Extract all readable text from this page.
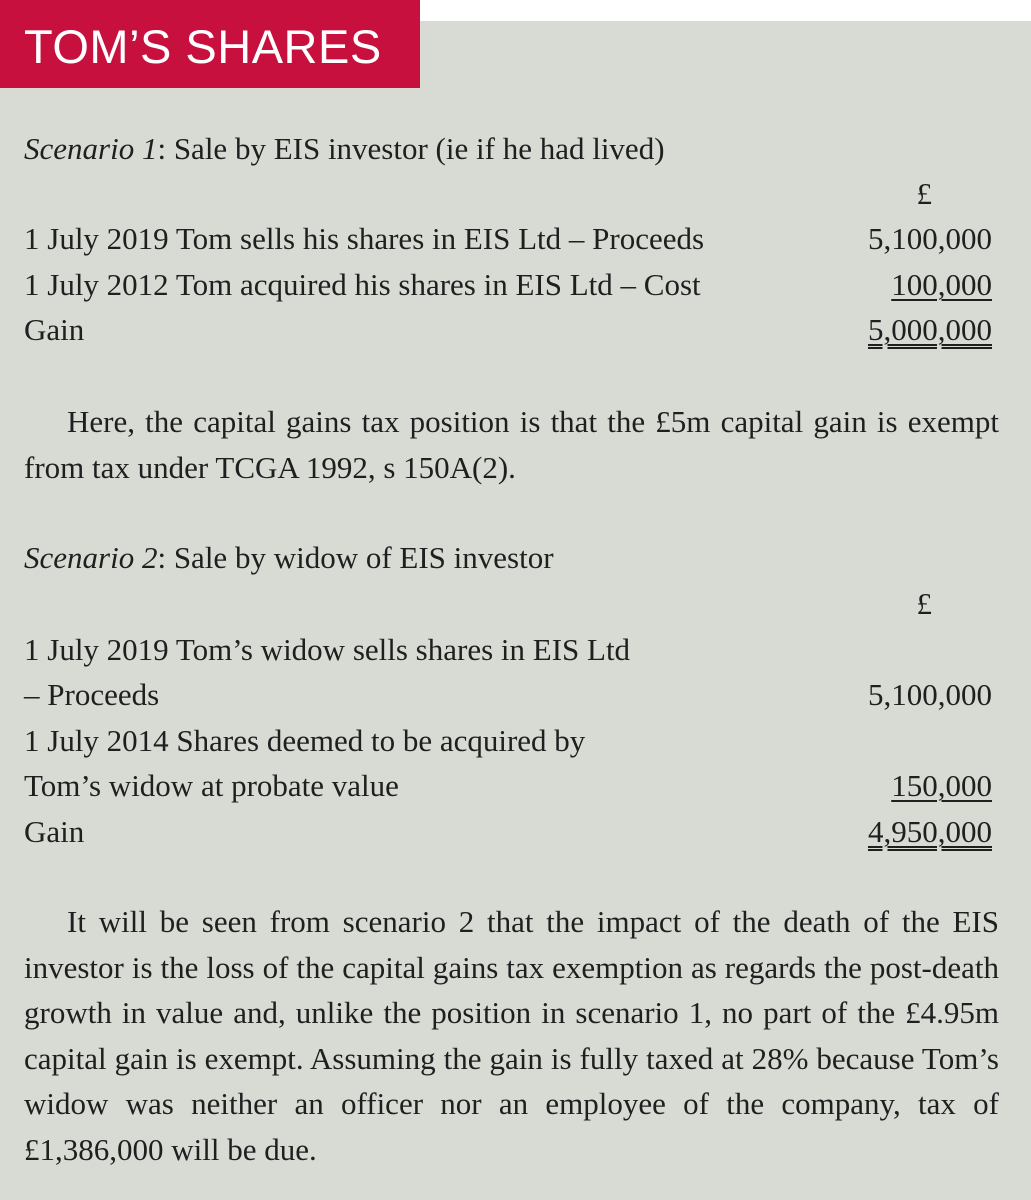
TOM’S SHARES
Scenario 1: Sale by EIS investor (ie if he had lived)
£
1 July 2019 Tom sells his shares in EIS Ltd – Proceeds	5,100,000
1 July 2012 Tom acquired his shares in EIS Ltd – Cost	100,000
Gain	5,000,000
Here, the capital gains tax position is that the £5m capital gain is exempt from tax under TCGA 1992, s 150A(2).
Scenario 2: Sale by widow of EIS investor
£
1 July 2019 Tom’s widow sells shares in EIS Ltd
– Proceeds	5,100,000
1 July 2014 Shares deemed to be acquired by
Tom’s widow at probate value	150,000
Gain	4,950,000
It will be seen from scenario 2 that the impact of the death of the EIS investor is the loss of the capital gains tax exemption as regards the post-death growth in value and, unlike the position in scenario 1, no part of the £4.95m capital gain is exempt. Assuming the gain is fully taxed at 28% because Tom’s widow was neither an officer nor an employee of the company, tax of £1,386,000 will be due.
